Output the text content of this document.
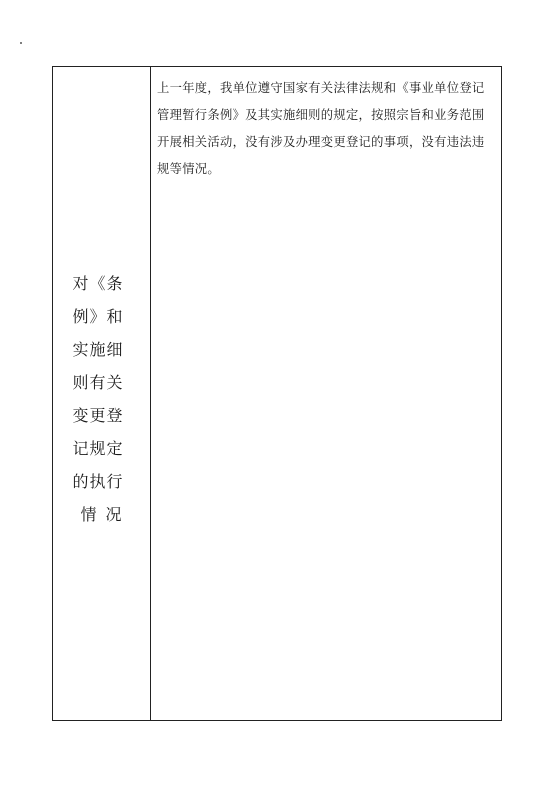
对《条
例》和
实施细
则有关
变更登
记规定
的执行
情况
上一年度，我单位遵守国家有关法律法规和《事业单位登记
管理暂行条例》及其实施细则的规定，按照宗旨和业务范围
开展相关活动，没有涉及办理变更登记的事项，没有违法违
规等情况。
